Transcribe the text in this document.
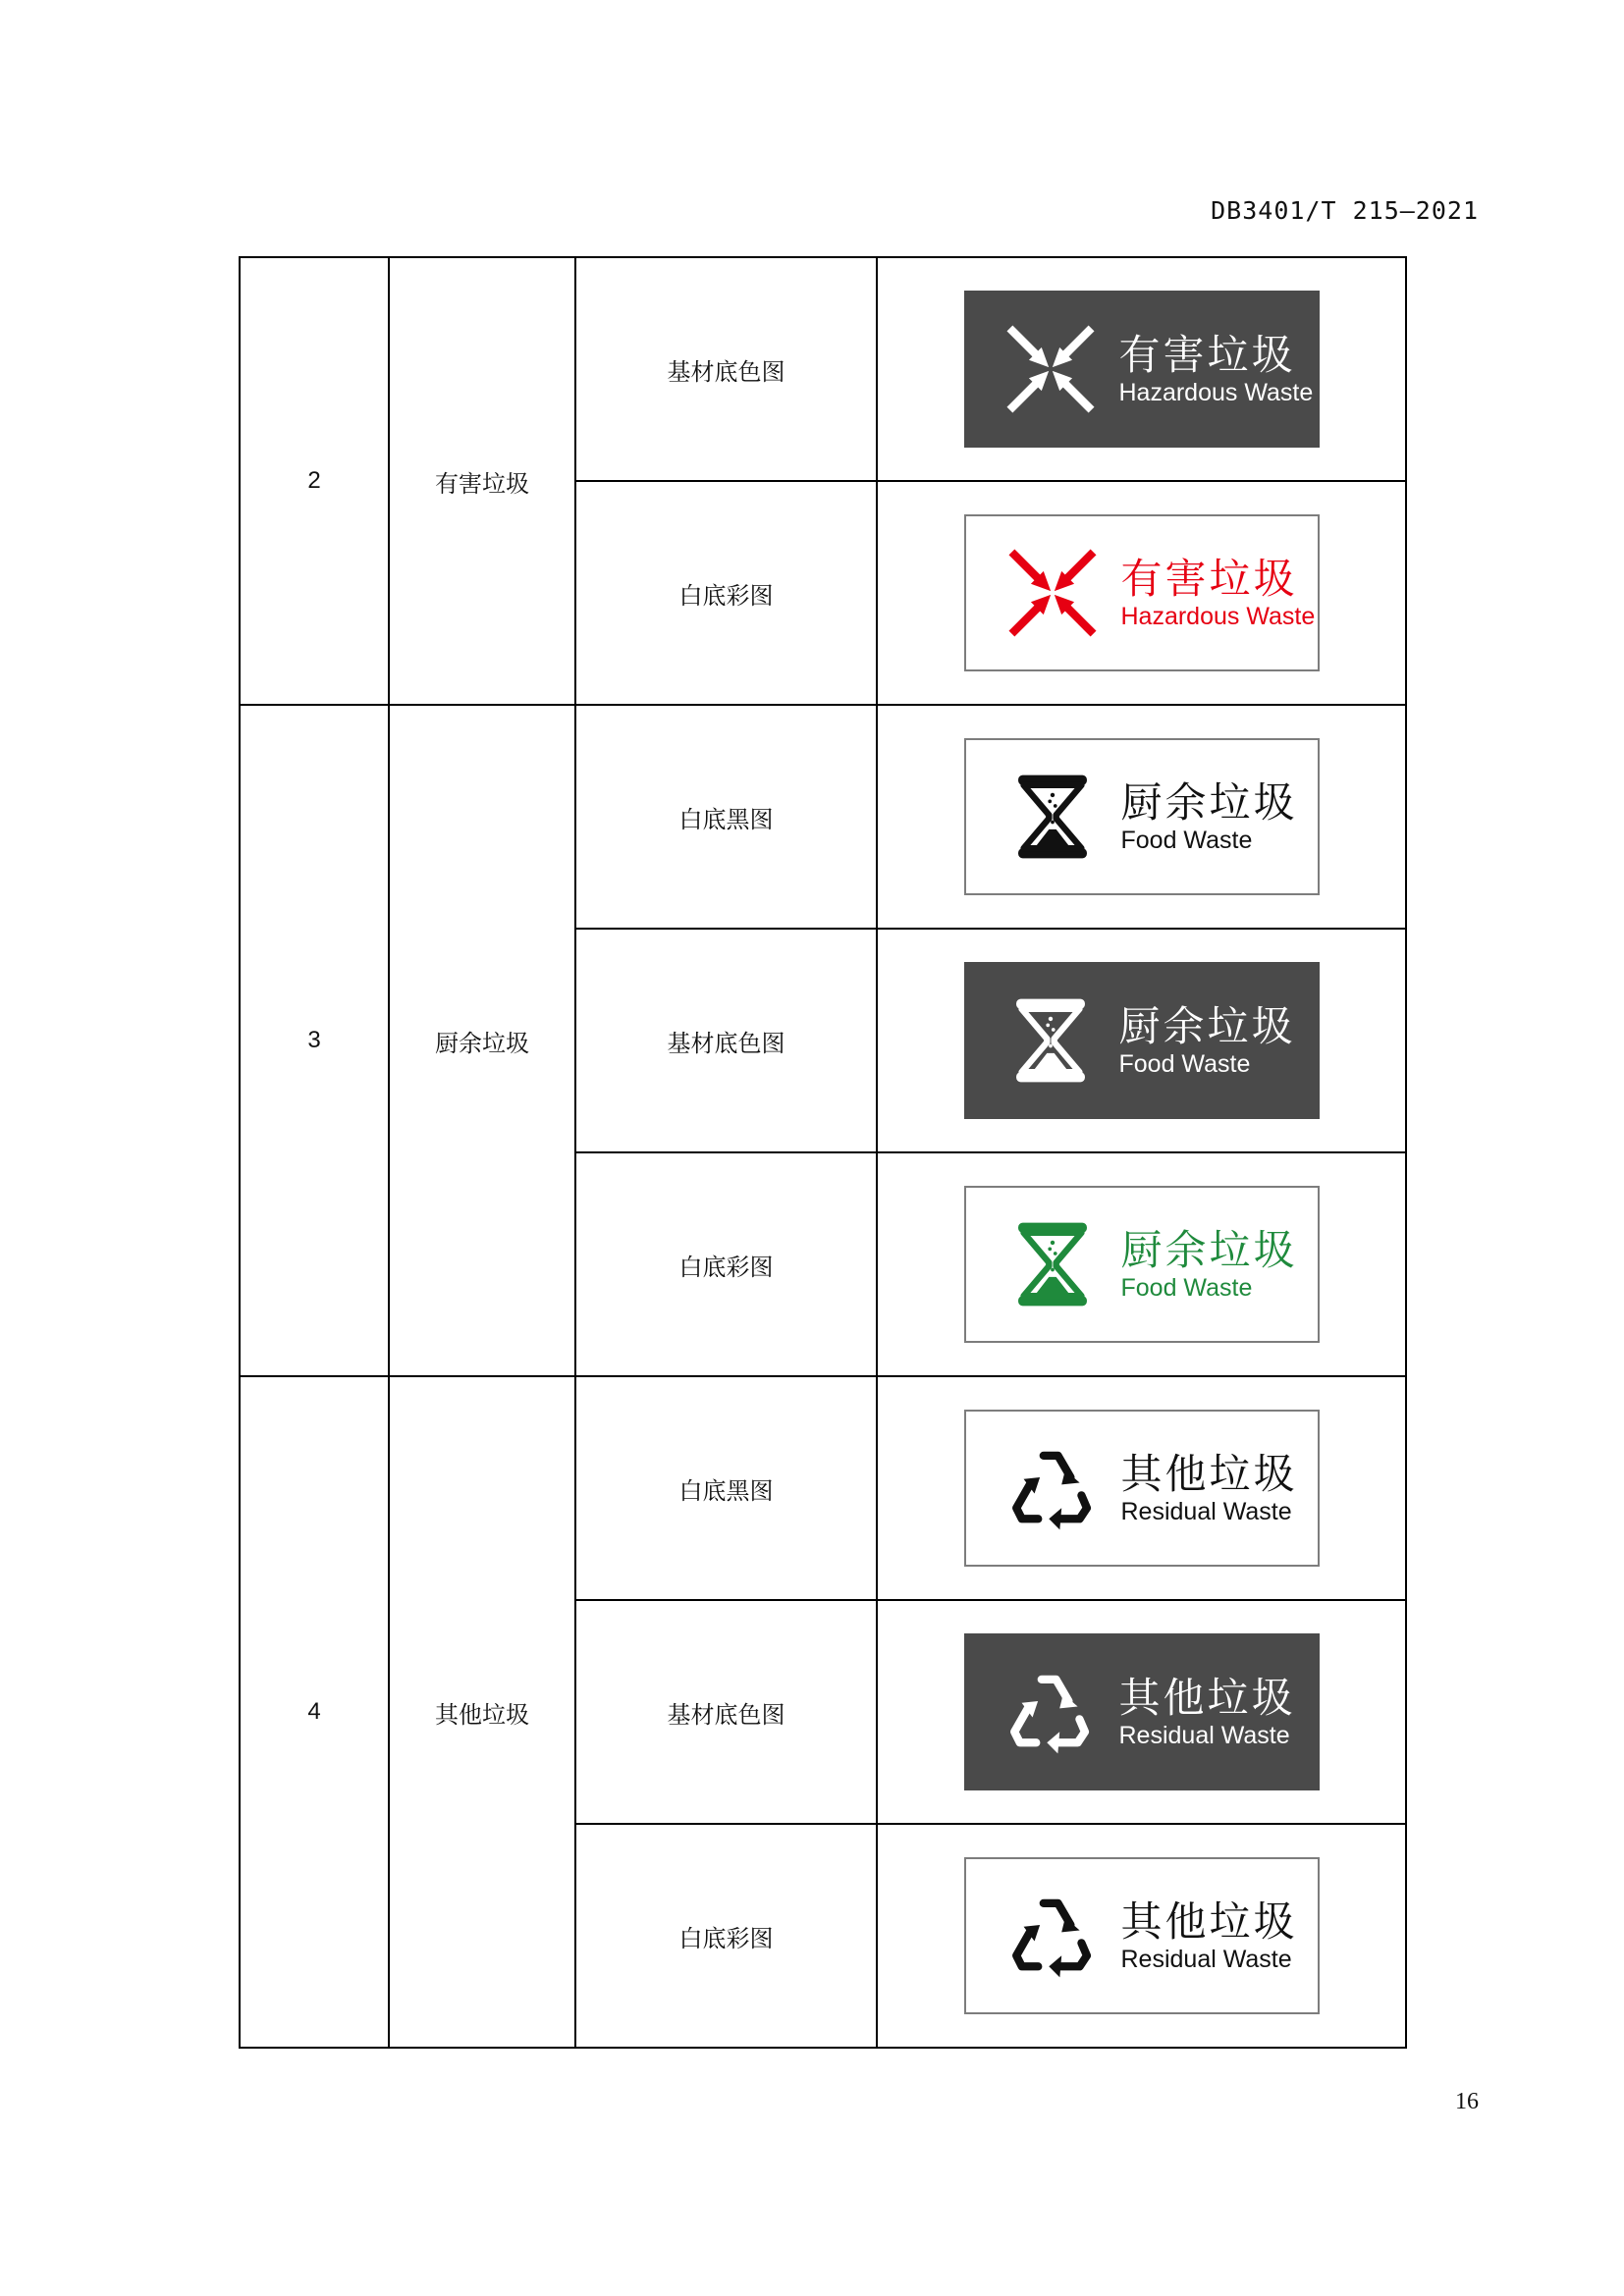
DB3401/T 215—2021
2	有害垃圾	基材底色图	有害垃圾
Hazardous Waste

		白底彩图	有害垃圾
Hazardous Waste

3	厨余垃圾	白底黑图	厨余垃圾
Food Waste

		基材底色图	厨余垃圾
Food Waste

		白底彩图	厨余垃圾
Food Waste

4	其他垃圾	白底黑图	其他垃圾
Residual Waste

		基材底色图	其他垃圾
Residual Waste

		白底彩图	其他垃圾
Residual Waste
16
